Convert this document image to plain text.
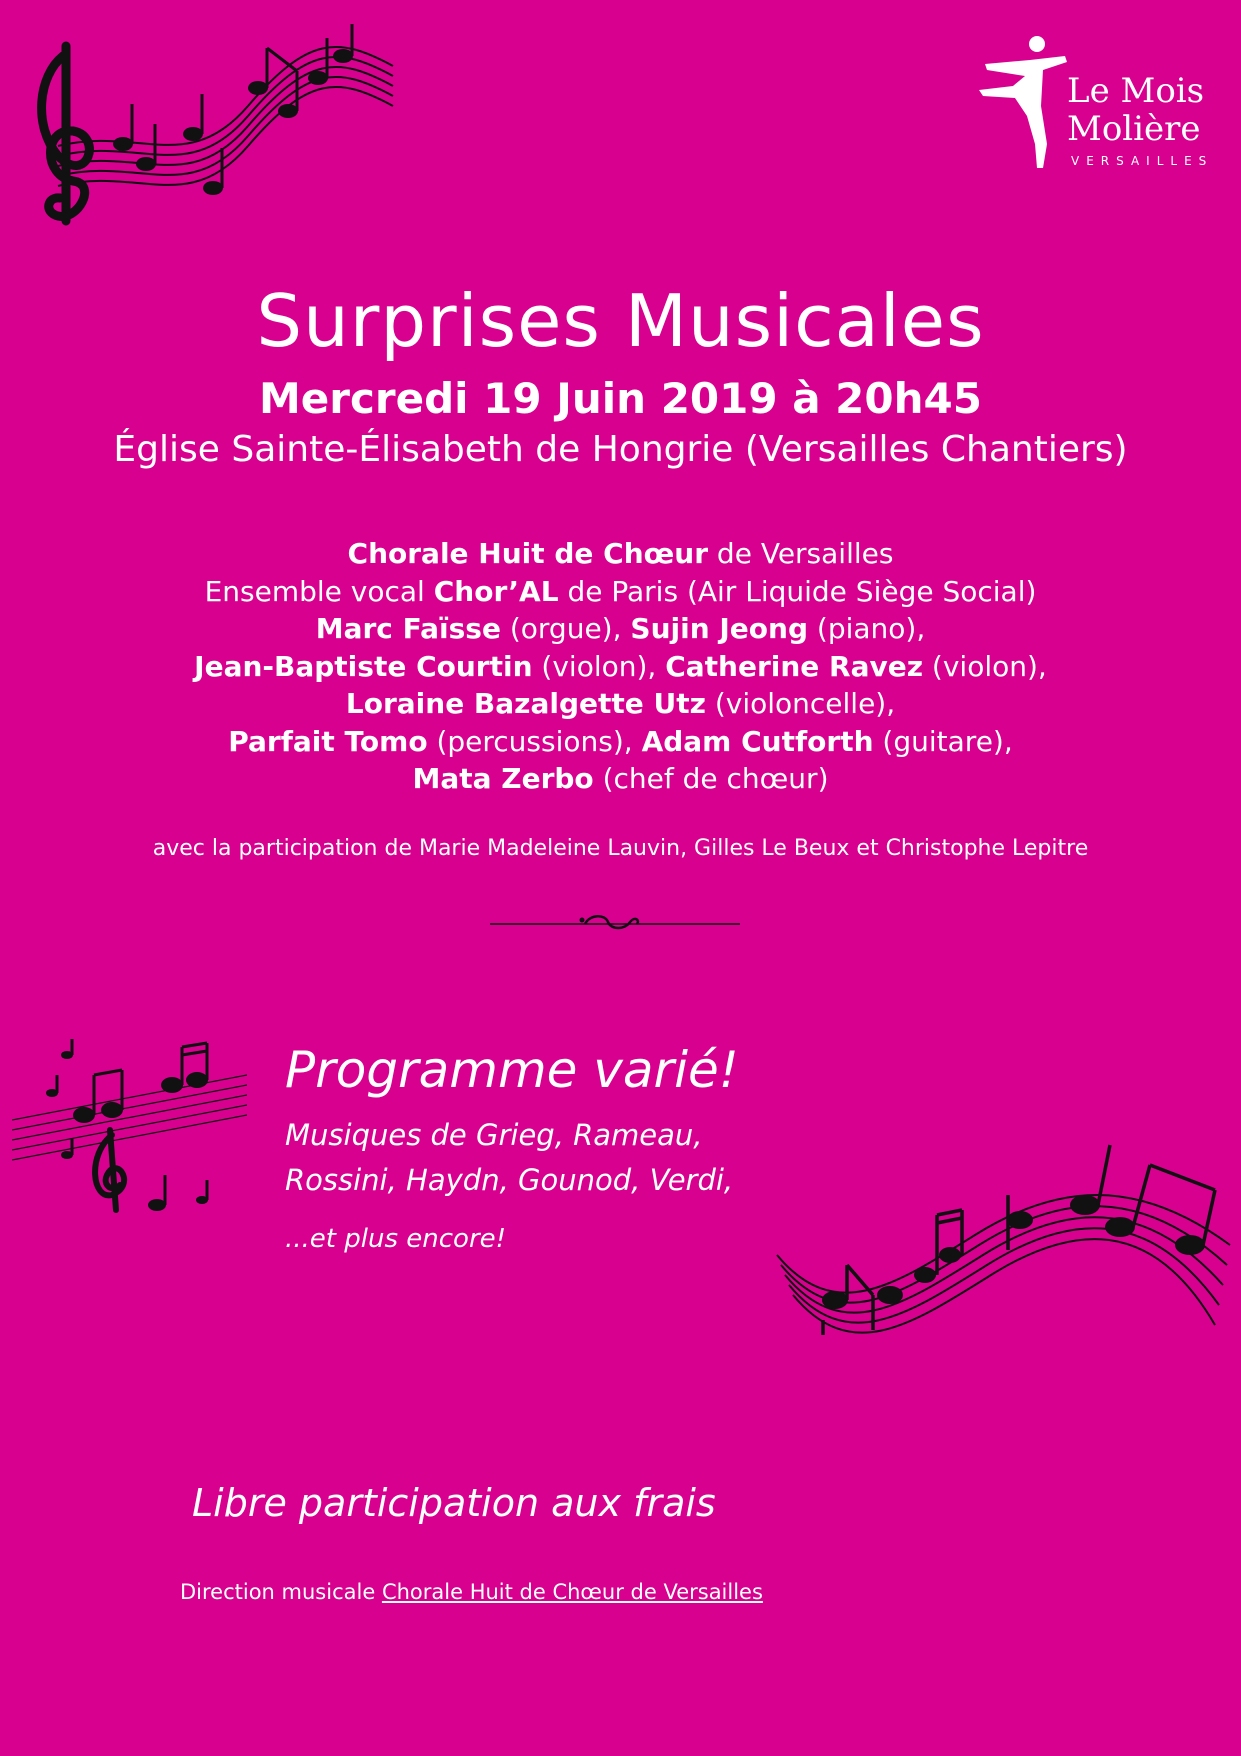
Le Mois
Molière
VERSAILLES
Surprises Musicales
Mercredi 19 Juin 2019 à 20h45
Église Sainte-Élisabeth de Hongrie (Versailles Chantiers)
Chorale Huit de Chœur de Versailles
Ensemble vocal Chor’AL de Paris (Air Liquide Siège Social)
Marc Faïsse (orgue), Sujin Jeong (piano),
Jean-Baptiste Courtin (violon), Catherine Ravez (violon),
Loraine Bazalgette Utz (violoncelle),
Parfait Tomo (percussions), Adam Cutforth (guitare),
Mata Zerbo (chef de chœur)
avec la participation de Marie Madeleine Lauvin, Gilles Le Beux et Christophe Lepitre
Programme varié!
Musiques de Grieg, Rameau,
Rossini, Haydn, Gounod, Verdi,
...et plus encore!
Libre participation aux frais
Direction musicale Chorale Huit de Chœur de Versailles
